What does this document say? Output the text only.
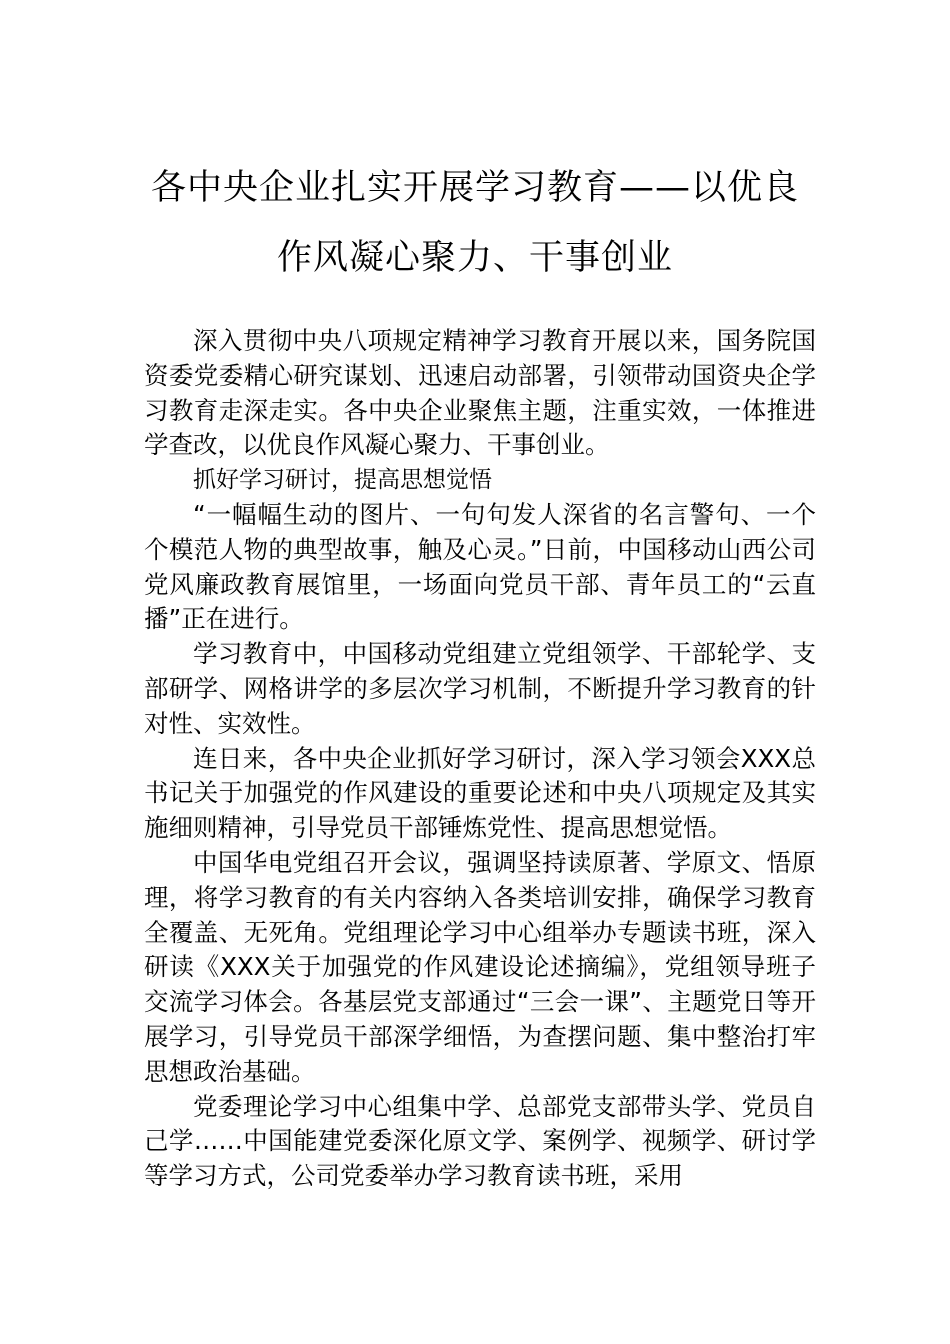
各中央企业扎实开展学习教育——以优良
作风凝心聚力、干事创业

深入贯彻中央八项规定精神学习教育开展以来，国务院国资委党委精心研究谋划、迅速启动部署，引领带动国资央企学习教育走深走实。各中央企业聚焦主题，注重实效，一体推进学查改，以优良作风凝心聚力、干事创业。

抓好学习研讨，提高思想觉悟

“一幅幅生动的图片、一句句发人深省的名言警句、一个个模范人物的典型故事，触及心灵。”日前，中国移动山西公司党风廉政教育展馆里，一场面向党员干部、青年员工的“云直播”正在进行。

学习教育中，中国移动党组建立党组领学、干部轮学、支部研学、网格讲学的多层次学习机制，不断提升学习教育的针对性、实效性。

连日来，各中央企业抓好学习研讨，深入学习领会XXX总书记关于加强党的作风建设的重要论述和中央八项规定及其实施细则精神，引导党员干部锤炼党性、提高思想觉悟。

中国华电党组召开会议，强调坚持读原著、学原文、悟原理，将学习教育的有关内容纳入各类培训安排，确保学习教育全覆盖、无死角。党组理论学习中心组举办专题读书班，深入研读《XXX关于加强党的作风建设论述摘编》，党组领导班子交流学习体会。各基层党支部通过“三会一课”、主题党日等开展学习，引导党员干部深学细悟，为查摆问题、集中整治打牢思想政治基础。

党委理论学习中心组集中学、总部党支部带头学、党员自己学……中国能建党委深化原文学、案例学、视频学、研讨学等学习方式，公司党委举办学习教育读书班，采用
